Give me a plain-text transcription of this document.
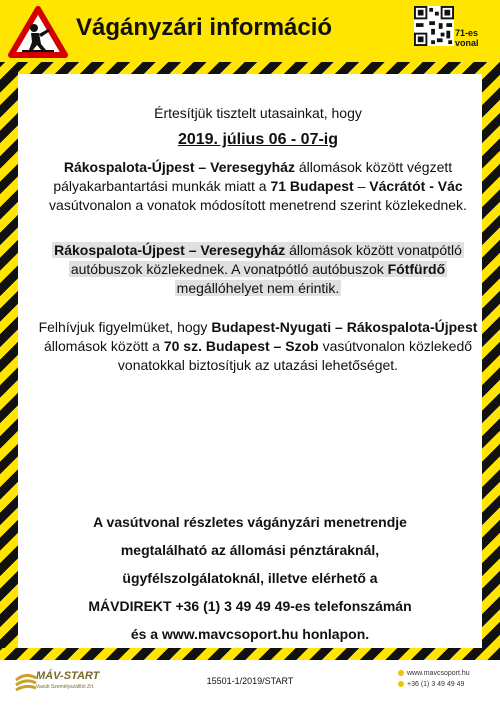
Vágányzári információ	71-es
vonal

Értesítjük tisztelt utasainkat, hogy

2019. július 06 - 07-ig

Rákospalota-Újpest – Veresegyház állomások között végzett pályakarbantartási munkák miatt a 71 Budapest – Vácrátót - Vác vasútvonalon a vonatok módosított menetrend szerint közlekednek.

Rákospalota-Újpest – Veresegyház állomások között vonatpótló autóbuszok közlekednek. A vonatpótló autóbuszok Fótfürdő megállóhelyet nem érintik.

Felhívjuk figyelmüket, hogy Budapest-Nyugati – Rákospalota-Újpest állomások között a 70 sz. Budapest – Szob vasútvonalon közlekedő vonatokkal biztosítjuk az utazási lehetőséget.

A vasútvonal részletes vágányzári menetrendje

megtalálható az állomási pénztáraknál,

ügyfélszolgálatoknál, illetve elérhető a

MÁVDIREKT +36 (1) 3 49 49 49-es telefonszámán

és a www.mavcsoport.hu honlapon.

MÁV-START
Vasúti Személyszállító Zrt.
15501-1/2019/START
www.mavcsoport.hu
+36 (1) 3 49 49 49
